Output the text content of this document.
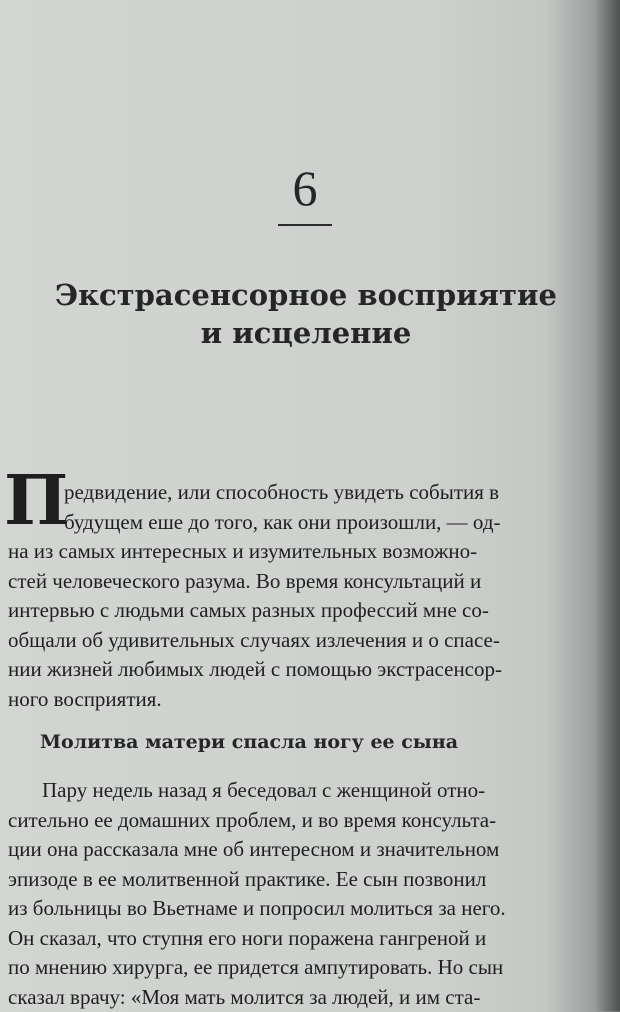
6
Экстрасенсорное восприятие
и исцеление
П
редвидение, или способность увидеть события в
будущем еше до того, как они произошли, — од-
на из самых интересных и изумительных возможно-
стей человеческого разума. Во время консультаций и
интервью с людьми самых разных профессий мне со-
общали об удивительных случаях излечения и о спасе-
нии жизней любимых людей с помощью экстрасенсор-
ного восприятия.
Молитва матери спасла ногу ее сына
Пару недель назад я беседовал с женщиной отно-
сительно ее домашних проблем, и во время консульта-
ции она рассказала мне об интересном и значительном
эпизоде в ее молитвенной практике. Ее сын позвонил
из больницы во Вьетнаме и попросил молиться за него.
Он сказал, что ступня его ноги поражена гангреной и
по мнению хирурга, ее придется ампутировать. Но сын
сказал врачу: «Моя мать молится за людей, и им ста-
